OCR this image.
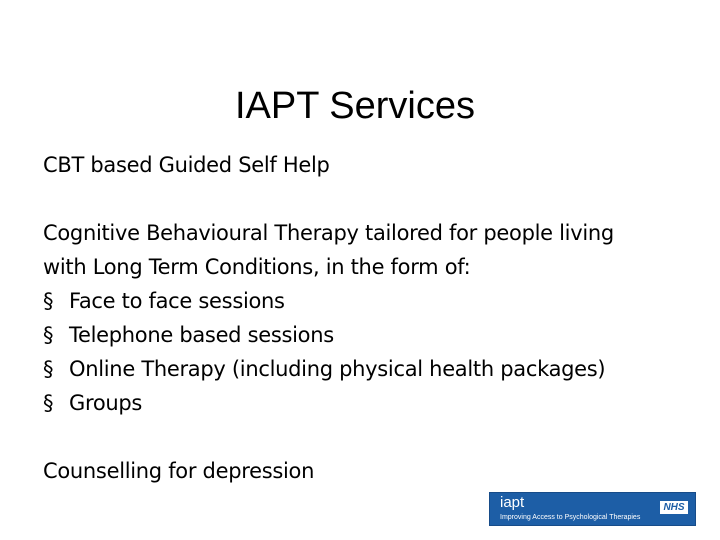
IAPT Services
CBT based Guided Self Help
Cognitive Behavioural Therapy tailored for people living
with Long Term Conditions, in the form of:
§ Face to face sessions
§ Telephone based sessions
§ Online Therapy (including physical health packages)
§ Groups
Counselling for depression
iapt
Improving Access to Psychological Therapies
NHS
